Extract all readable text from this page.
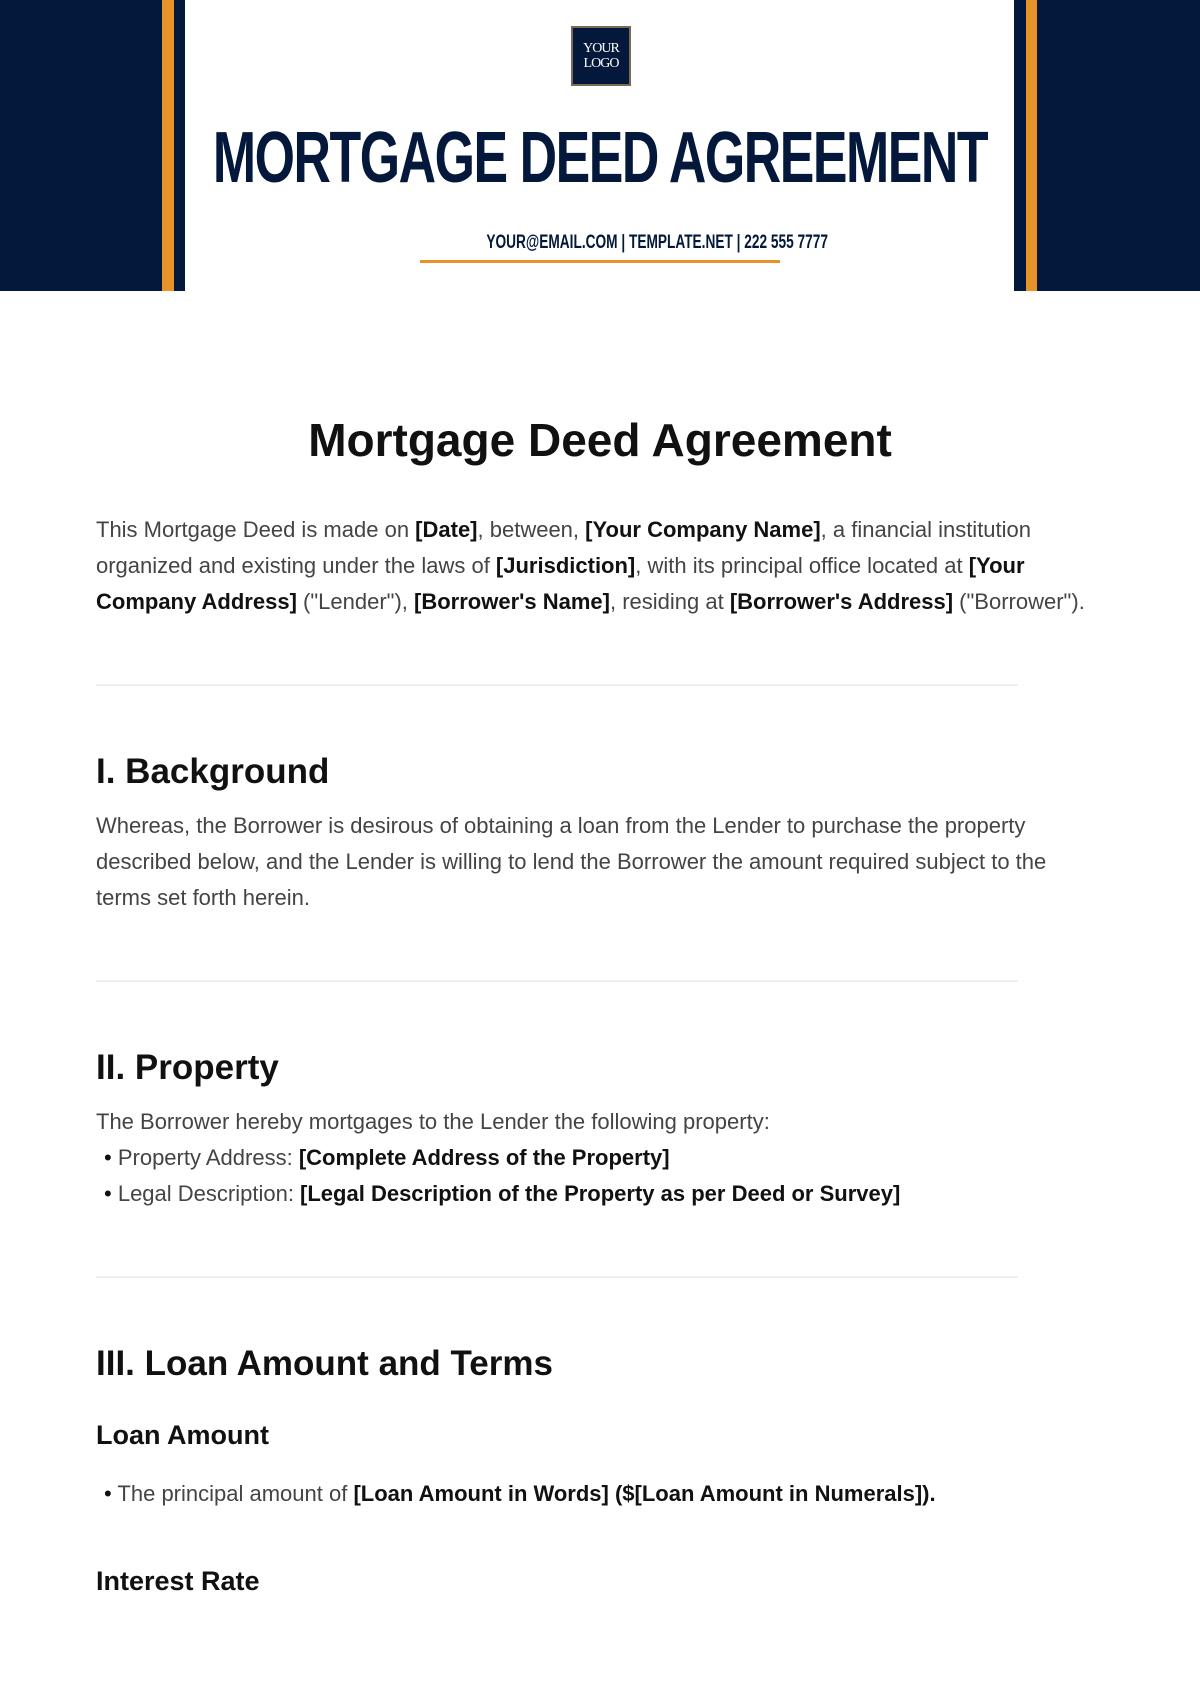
YOUR
LOGO
MORTGAGE DEED AGREEMENT
YOUR@EMAIL.COM | TEMPLATE.NET | 222 555 7777
Mortgage Deed Agreement

This Mortgage Deed is made on [Date], between, [Your Company Name], a financial institution organized and existing under the laws of [Jurisdiction], with its principal office located at [Your Company Address] ("Lender"), [Borrower's Name], residing at [Borrower's Address] ("Borrower").

I. Background

Whereas, the Borrower is desirous of obtaining a loan from the Lender to purchase the property described below, and the Lender is willing to lend the Borrower the amount required subject to the terms set forth herein.

II. Property

The Borrower hereby mortgages to the Lender the following property:

• Property Address: [Complete Address of the Property]
• Legal Description: [Legal Description of the Property as per Deed or Survey]
III. Loan Amount and Terms
Loan Amount
• The principal amount of [Loan Amount in Words] ($[Loan Amount in Numerals]).
Interest Rate
